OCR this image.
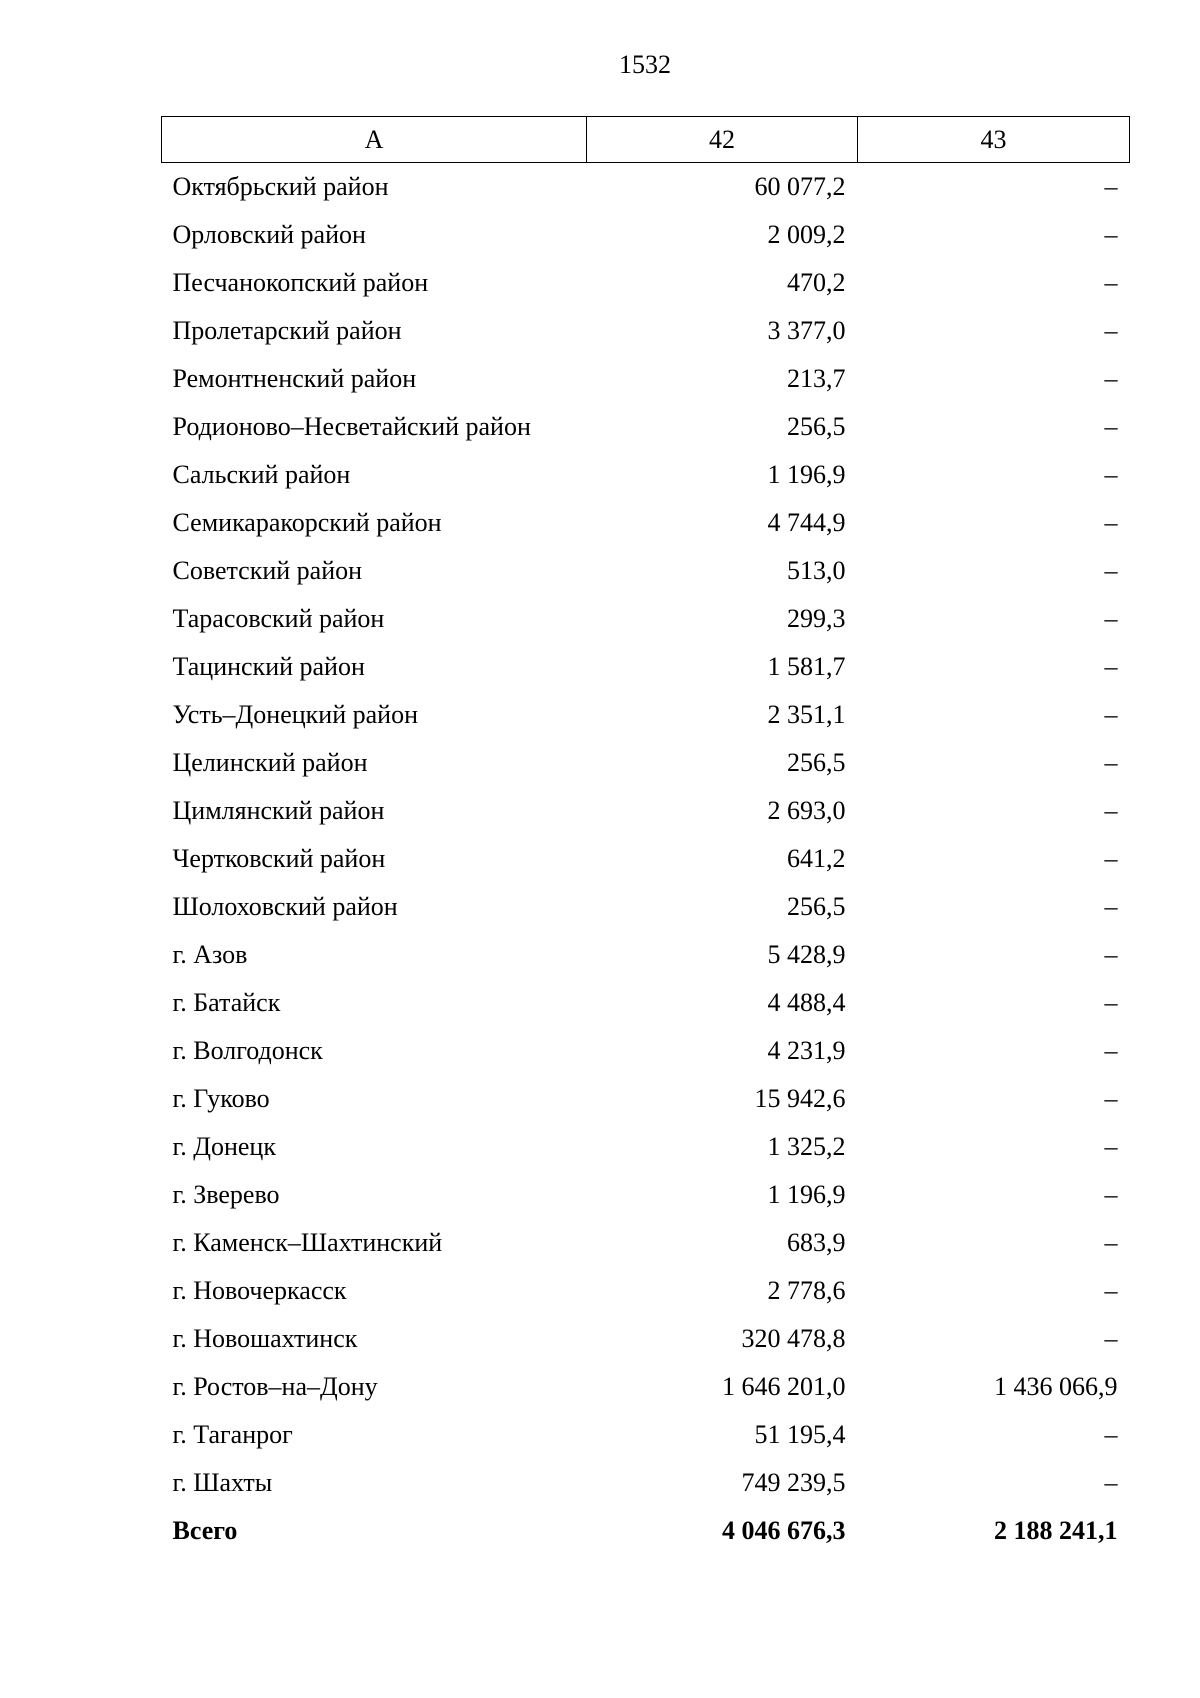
1532
А	42	43
Октябрьский район	60 077,2	–
Орловский район	2 009,2	–
Песчанокопский район	470,2	–
Пролетарский район	3 377,0	–
Ремонтненский район	213,7	–
Родионово–Несветайский район	256,5	–
Сальский район	1 196,9	–
Семикаракорский район	4 744,9	–
Советский район	513,0	–
Тарасовский район	299,3	–
Тацинский район	1 581,7	–
Усть–Донецкий район	2 351,1	–
Целинский район	256,5	–
Цимлянский район	2 693,0	–
Чертковский район	641,2	–
Шолоховский район	256,5	–
г. Азов	5 428,9	–
г. Батайск	4 488,4	–
г. Волгодонск	4 231,9	–
г. Гуково	15 942,6	–
г. Донецк	1 325,2	–
г. Зверево	1 196,9	–
г. Каменск–Шахтинский	683,9	–
г. Новочеркасск	2 778,6	–
г. Новошахтинск	320 478,8	–
г. Ростов–на–Дону	1 646 201,0	1 436 066,9
г. Таганрог	51 195,4	–
г. Шахты	749 239,5	–
Всего	4 046 676,3	2 188 241,1
